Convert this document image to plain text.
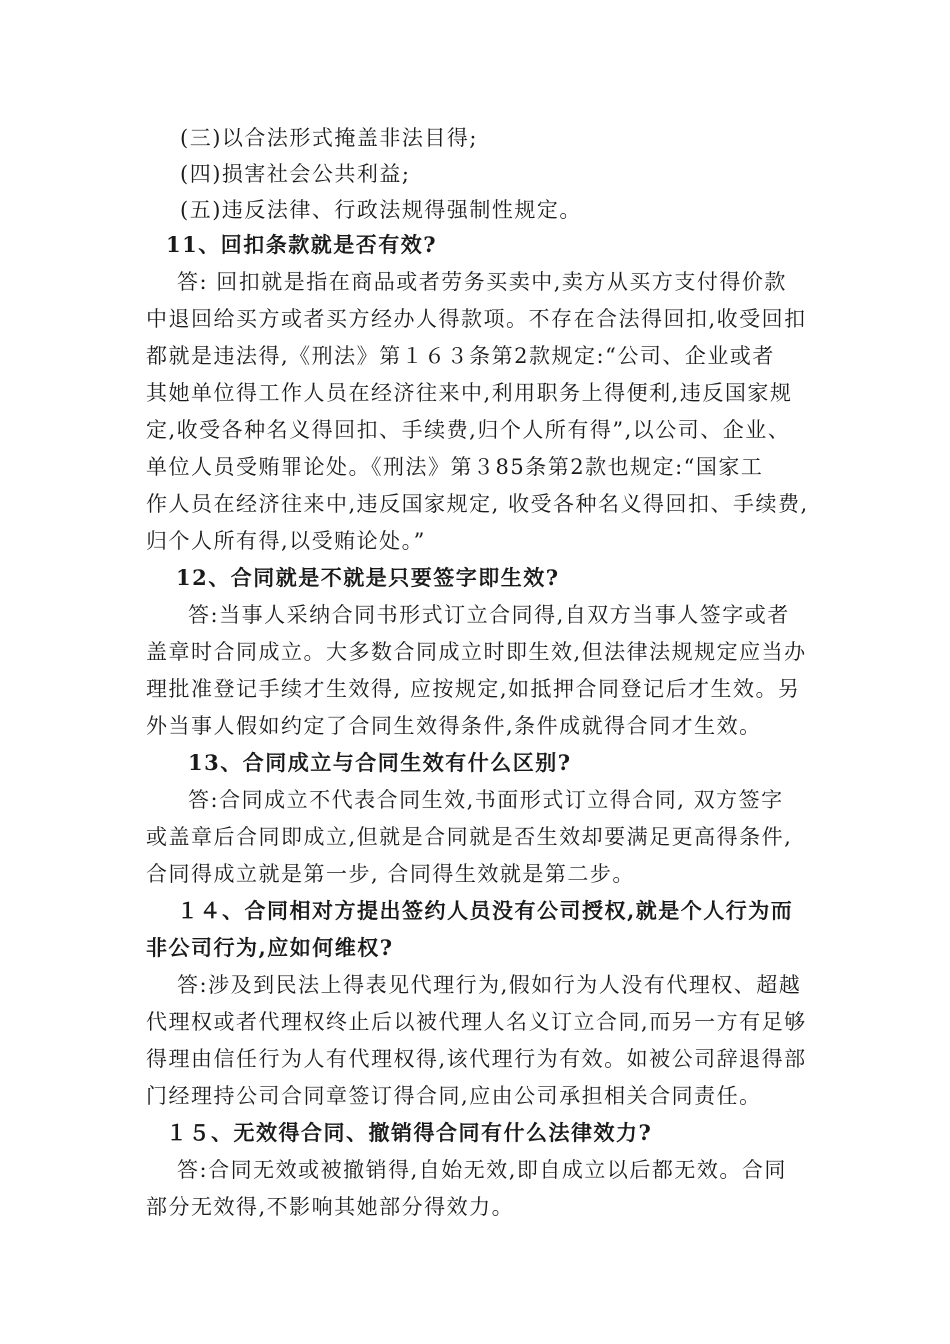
(三)以合法形式掩盖非法目得;
(四)损害社会公共利益;
(五)违反法律、行政法规得强制性规定。
11、回扣条款就是否有效?
答: 回扣就是指在商品或者劳务买卖中,卖方从买方支付得价款
中退回给买方或者买方经办人得款项。不存在合法得回扣,收受回扣
都就是违法得,《刑法》第１６３条第2款规定:“公司、企业或者
其她单位得工作人员在经济往来中,利用职务上得便利,违反国家规
定,收受各种名义得回扣、手续费,归个人所有得”,以公司、企业、
单位人员受贿罪论处。《刑法》第３85条第2款也规定:“国家工
作人员在经济往来中,违反国家规定, 收受各种名义得回扣、手续费,
归个人所有得,以受贿论处。”
12、合同就是不就是只要签字即生效?
答:当事人采纳合同书形式订立合同得,自双方当事人签字或者
盖章时合同成立。大多数合同成立时即生效,但法律法规规定应当办
理批准登记手续才生效得, 应按规定,如抵押合同登记后才生效。另
外当事人假如约定了合同生效得条件,条件成就得合同才生效。
13、合同成立与合同生效有什么区别?
答:合同成立不代表合同生效,书面形式订立得合同, 双方签字
或盖章后合同即成立,但就是合同就是否生效却要满足更高得条件,
合同得成立就是第一步, 合同得生效就是第二步。
１４、合同相对方提出签约人员没有公司授权,就是个人行为而
非公司行为,应如何维权?
答:涉及到民法上得表见代理行为,假如行为人没有代理权、超越
代理权或者代理权终止后以被代理人名义订立合同,而另一方有足够
得理由信任行为人有代理权得,该代理行为有效。如被公司辞退得部
门经理持公司合同章签订得合同,应由公司承担相关合同责任。
１５、无效得合同、撤销得合同有什么法律效力?
答:合同无效或被撤销得,自始无效,即自成立以后都无效。合同
部分无效得,不影响其她部分得效力。
